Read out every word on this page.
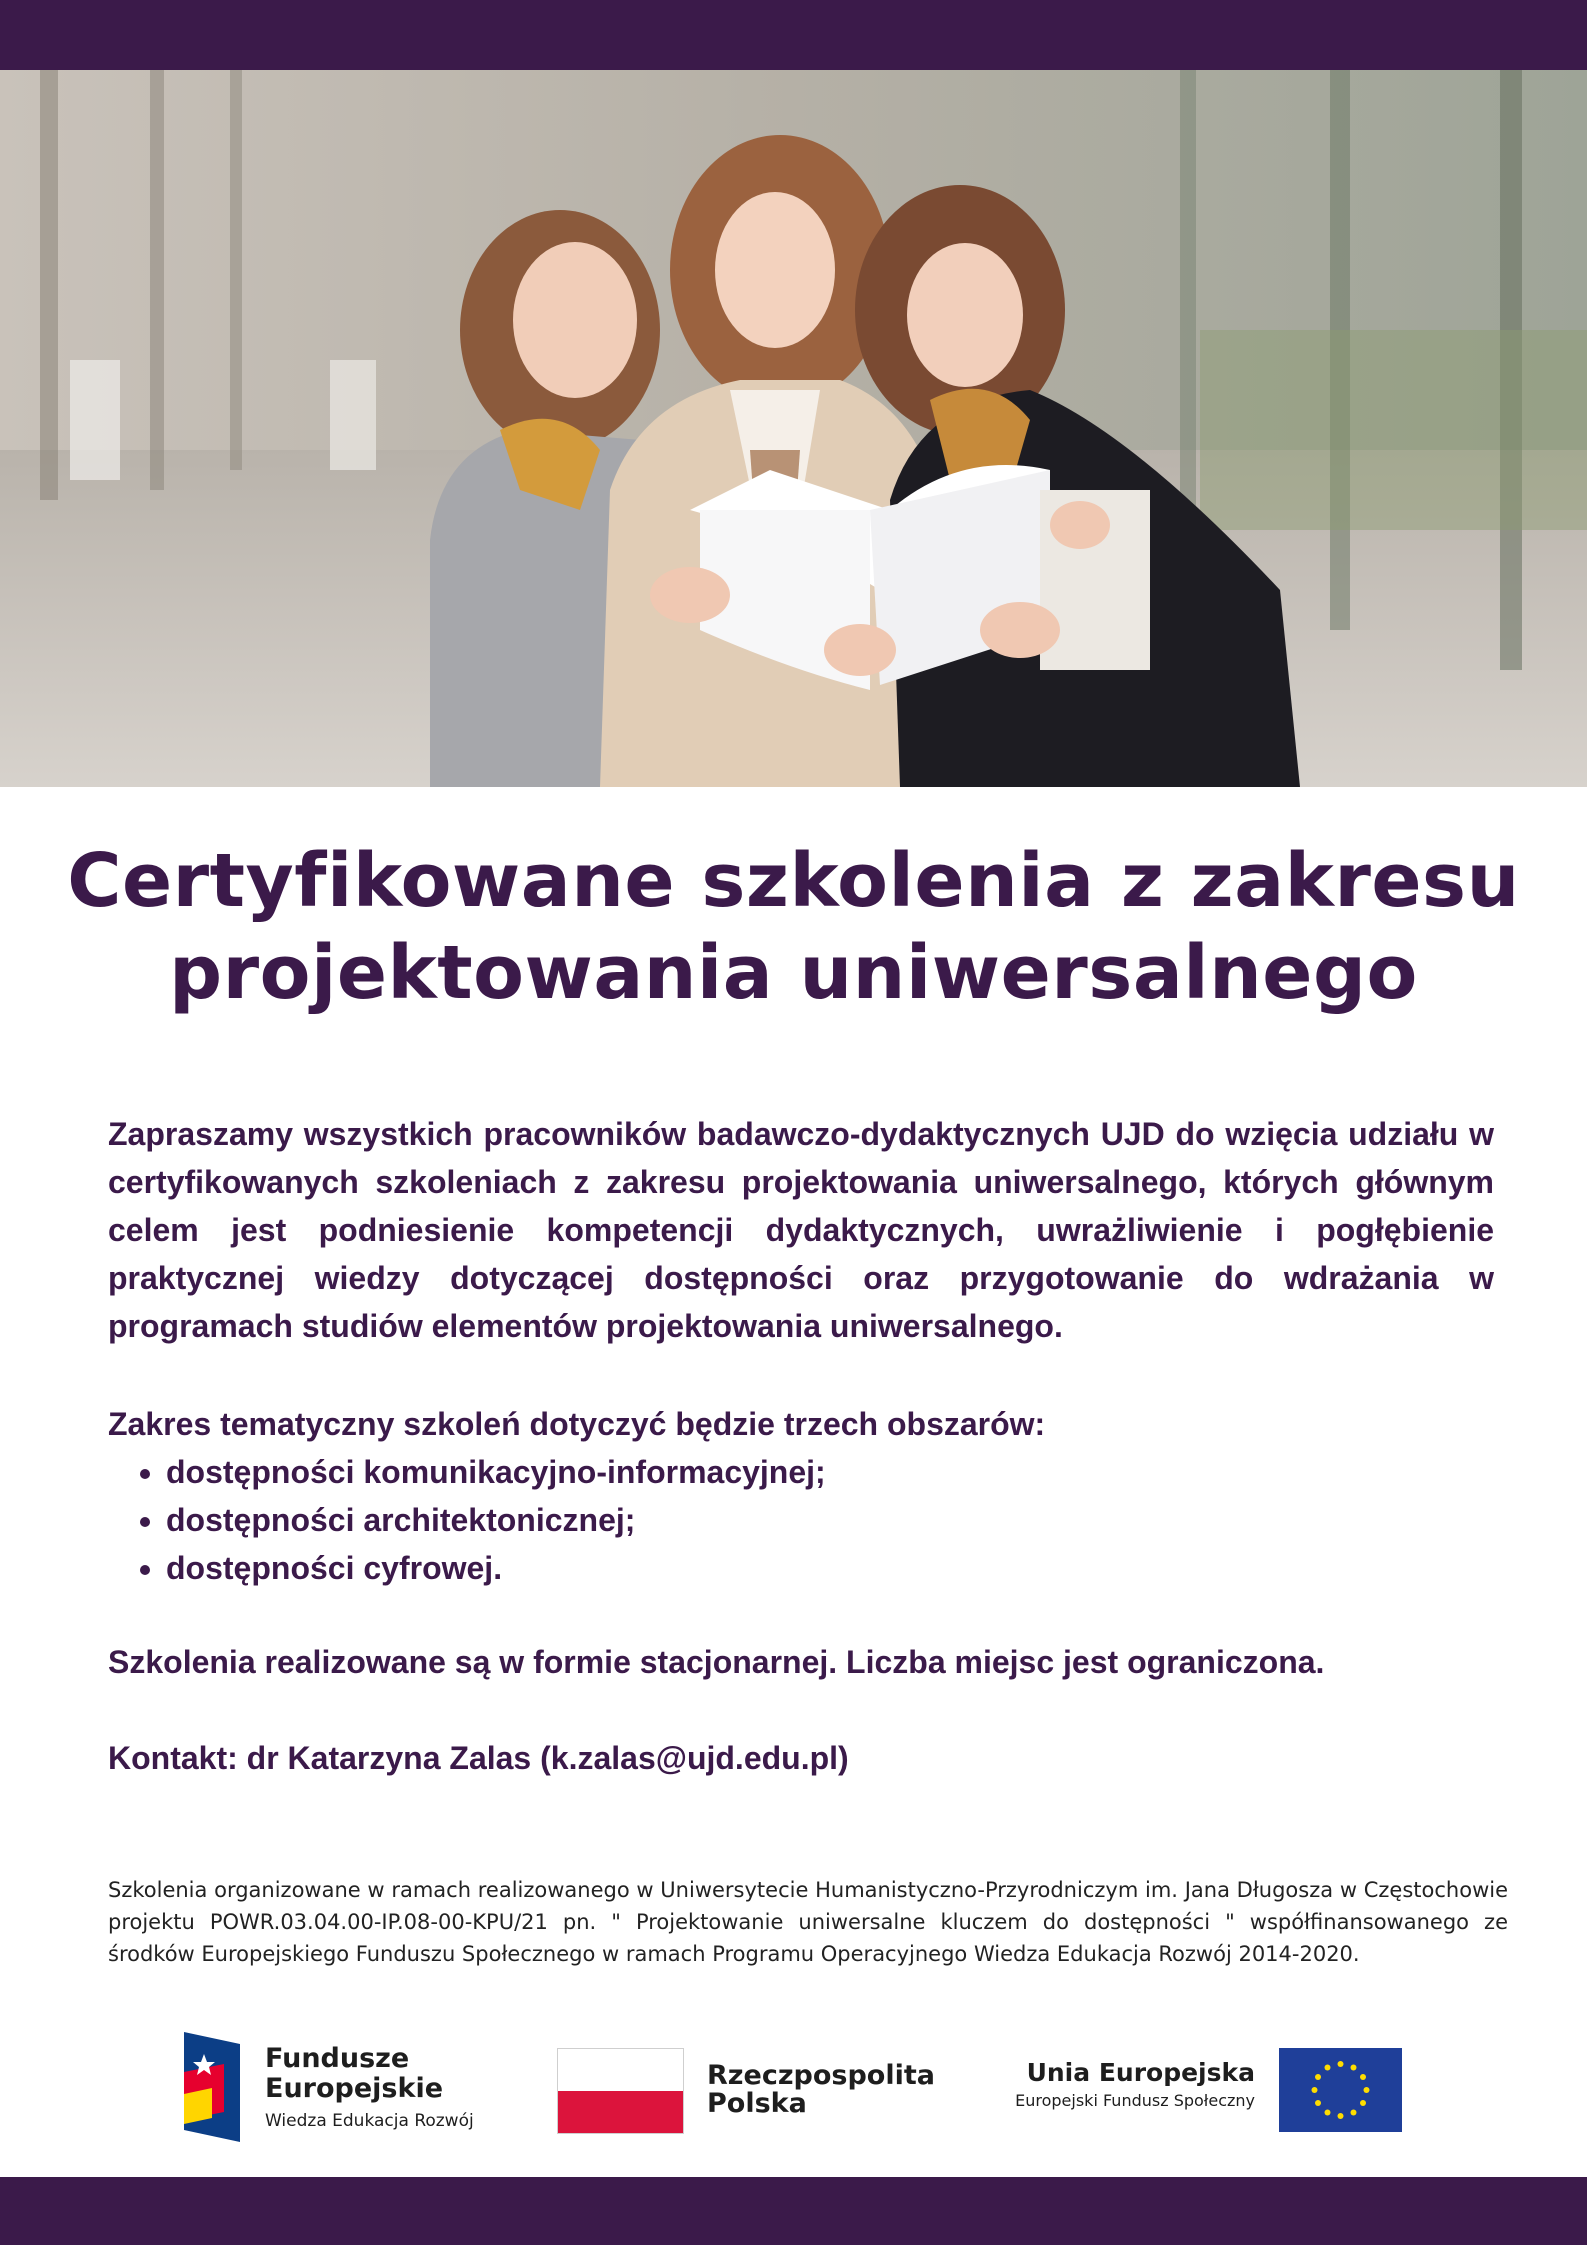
Certyfikowane szkolenia z zakresu
projektowania uniwersalnego

Zapraszamy wszystkich pracowników badawczo-dydaktycznych UJD do wzięcia udziału w certyfikowanych szkoleniach z zakresu projektowania uniwersalnego, których głównym celem jest podniesienie kompetencji dydaktycznych, uwrażliwienie i pogłębienie praktycznej wiedzy dotyczącej dostępności oraz przygotowanie do wdrażania w programach studiów elementów projektowania uniwersalnego.

Zakres tematyczny szkoleń dotyczyć będzie trzech obszarów:
• dostępności komunikacyjno-informacyjnej;
• dostępności architektonicznej;
• dostępności cyfrowej.

Szkolenia realizowane są w formie stacjonarnej. Liczba miejsc jest ograniczona.

Kontakt: dr Katarzyna Zalas (k.zalas@ujd.edu.pl)

Szkolenia organizowane w ramach realizowanego w Uniwersytecie Humanistyczno-Przyrodniczym im. Jana Długosza w Częstochowie projektu POWR.03.04.00-IP.08-00-KPU/21 pn. " Projektowanie uniwersalne kluczem do dostępności " współfinansowanego ze środków Europejskiego Funduszu Społecznego w ramach Programu Operacyjnego Wiedza Edukacja Rozwój 2014-2020.

Fundusze
Europejskie
Wiedza Edukacja Rozwój
Rzeczpospolita
Polska
Unia Europejska
Europejski Fundusz Społeczny
